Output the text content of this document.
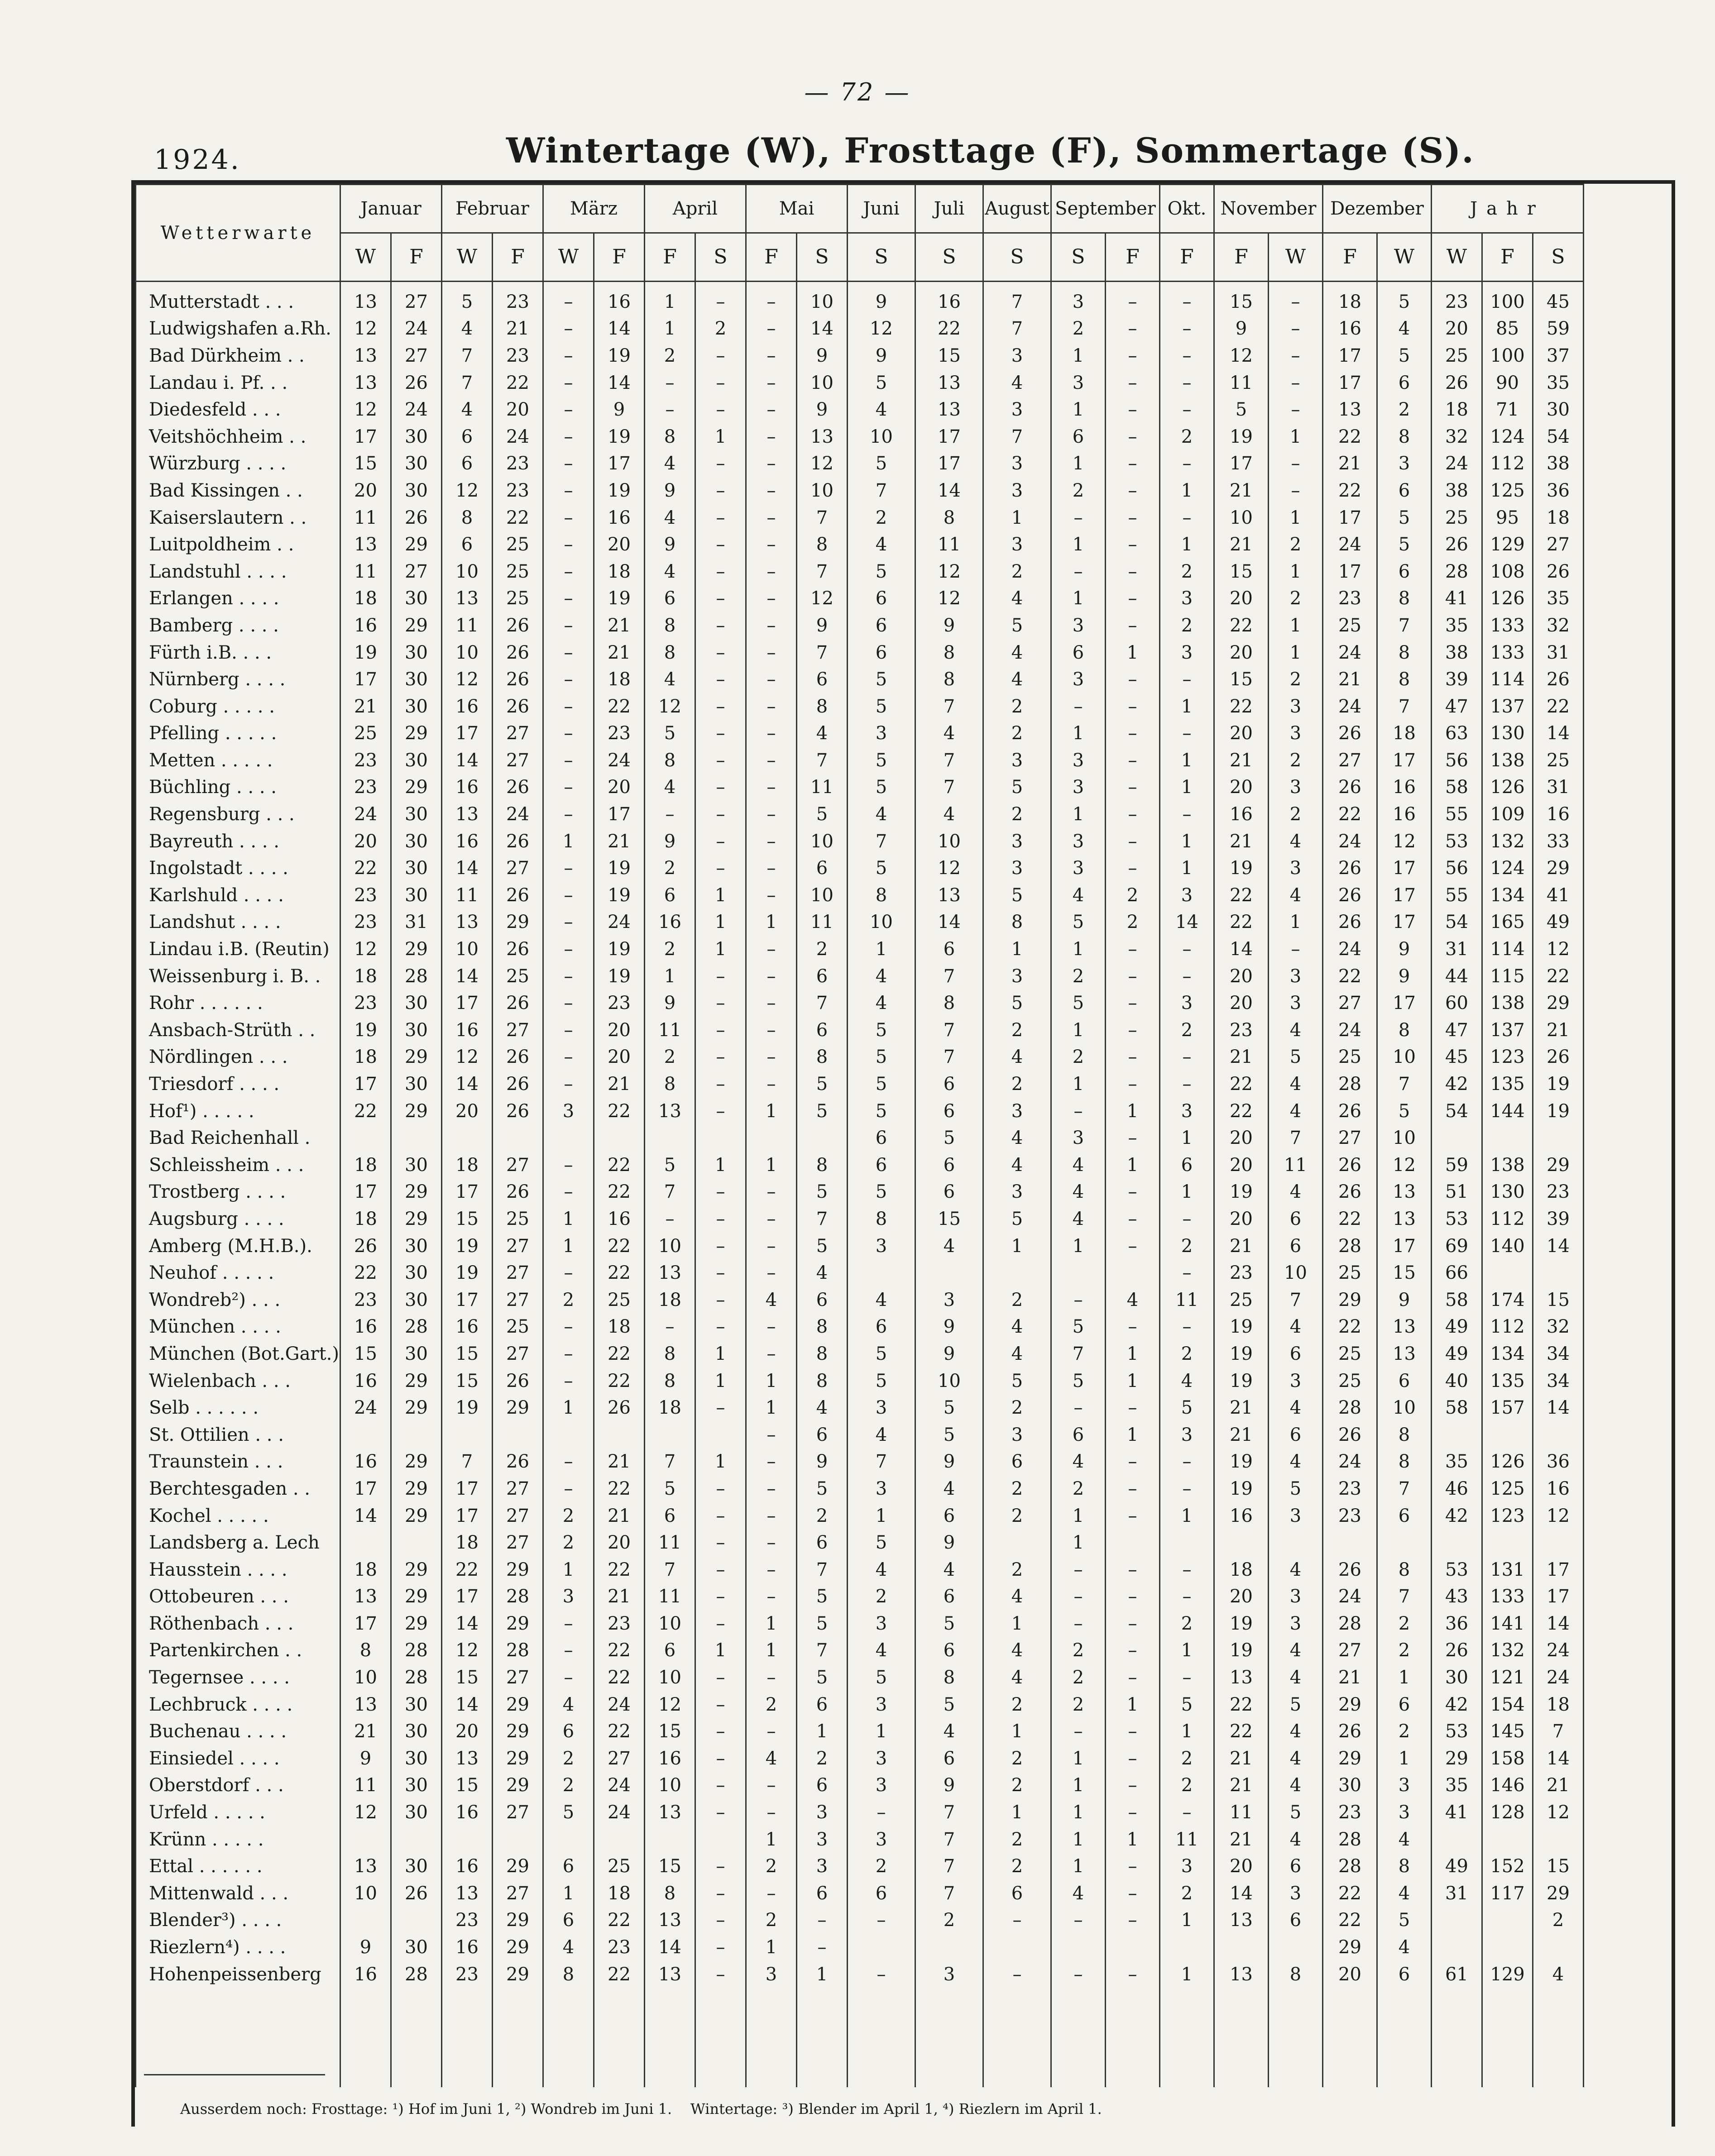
— 72 —
1924.	Wintertage (W), Frosttage (F), Sommertage (S).
Wetterwarte	Januar		Februar		März		April		Mai		Juni	Juli	August	September		Okt.	November		Dezember		Jahr		
	W	F	W	F	W	F	F	S	F	S	S	S	S	S	F	F	F	W	F	W	W	F	S
Mutterstadt . . .	13	27	5	23	–	16	1	–	–	10	9	16	7	3	–	–	15	–	18	5	23	100	45
Ludwigshafen a.Rh.	12	24	4	21	–	14	1	2	–	14	12	22	7	2	–	–	9	–	16	4	20	85	59
Bad Dürkheim . .	13	27	7	23	–	19	2	–	–	9	9	15	3	1	–	–	12	–	17	5	25	100	37
Landau i. Pf. . .	13	26	7	22	–	14	–	–	–	10	5	13	4	3	–	–	11	–	17	6	26	90	35
Diedesfeld . . .	12	24	4	20	–	9	–	–	–	9	4	13	3	1	–	–	5	–	13	2	18	71	30
Veitshöchheim . .	17	30	6	24	–	19	8	1	–	13	10	17	7	6	–	2	19	1	22	8	32	124	54
Würzburg . . . .	15	30	6	23	–	17	4	–	–	12	5	17	3	1	–	–	17	–	21	3	24	112	38
Bad Kissingen . .	20	30	12	23	–	19	9	–	–	10	7	14	3	2	–	1	21	–	22	6	38	125	36
Kaiserslautern . .	11	26	8	22	–	16	4	–	–	7	2	8	1	–	–	–	10	1	17	5	25	95	18
Luitpoldheim . .	13	29	6	25	–	20	9	–	–	8	4	11	3	1	–	1	21	2	24	5	26	129	27
Landstuhl . . . .	11	27	10	25	–	18	4	–	–	7	5	12	2	–	–	2	15	1	17	6	28	108	26
Erlangen . . . .	18	30	13	25	–	19	6	–	–	12	6	12	4	1	–	3	20	2	23	8	41	126	35
Bamberg . . . .	16	29	11	26	–	21	8	–	–	9	6	9	5	3	–	2	22	1	25	7	35	133	32
Fürth i.B. . . .	19	30	10	26	–	21	8	–	–	7	6	8	4	6	1	3	20	1	24	8	38	133	31
Nürnberg . . . .	17	30	12	26	–	18	4	–	–	6	5	8	4	3	–	–	15	2	21	8	39	114	26
Coburg . . . . .	21	30	16	26	–	22	12	–	–	8	5	7	2	–	–	1	22	3	24	7	47	137	22
Pfelling . . . . .	25	29	17	27	–	23	5	–	–	4	3	4	2	1	–	–	20	3	26	18	63	130	14
Metten . . . . .	23	30	14	27	–	24	8	–	–	7	5	7	3	3	–	1	21	2	27	17	56	138	25
Büchling . . . .	23	29	16	26	–	20	4	–	–	11	5	7	5	3	–	1	20	3	26	16	58	126	31
Regensburg . . .	24	30	13	24	–	17	–	–	–	5	4	4	2	1	–	–	16	2	22	16	55	109	16
Bayreuth . . . .	20	30	16	26	1	21	9	–	–	10	7	10	3	3	–	1	21	4	24	12	53	132	33
Ingolstadt . . . .	22	30	14	27	–	19	2	–	–	6	5	12	3	3	–	1	19	3	26	17	56	124	29
Karlshuld . . . .	23	30	11	26	–	19	6	1	–	10	8	13	5	4	2	3	22	4	26	17	55	134	41
Landshut . . . .	23	31	13	29	–	24	16	1	1	11	10	14	8	5	2	14	22	1	26	17	54	165	49
Lindau i.B. (Reutin)	12	29	10	26	–	19	2	1	–	2	1	6	1	1	–	–	14	–	24	9	31	114	12
Weissenburg i. B. .	18	28	14	25	–	19	1	–	–	6	4	7	3	2	–	–	20	3	22	9	44	115	22
Rohr . . . . . .	23	30	17	26	–	23	9	–	–	7	4	8	5	5	–	3	20	3	27	17	60	138	29
Ansbach-Strüth . .	19	30	16	27	–	20	11	–	–	6	5	7	2	1	–	2	23	4	24	8	47	137	21
Nördlingen . . .	18	29	12	26	–	20	2	–	–	8	5	7	4	2	–	–	21	5	25	10	45	123	26
Triesdorf . . . .	17	30	14	26	–	21	8	–	–	5	5	6	2	1	–	–	22	4	28	7	42	135	19
Hof¹) . . . . .	22	29	20	26	3	22	13	–	1	5	5	6	3	–	1	3	22	4	26	5	54	144	19
Bad Reichenhall .											6	5	4	3	–	1	20	7	27	10			
Schleissheim . . .	18	30	18	27	–	22	5	1	1	8	6	6	4	4	1	6	20	11	26	12	59	138	29
Trostberg . . . .	17	29	17	26	–	22	7	–	–	5	5	6	3	4	–	1	19	4	26	13	51	130	23
Augsburg . . . .	18	29	15	25	1	16	–	–	–	7	8	15	5	4	–	–	20	6	22	13	53	112	39
Amberg (M.H.B.).	26	30	19	27	1	22	10	–	–	5	3	4	1	1	–	2	21	6	28	17	69	140	14
Neuhof . . . . .	22	30	19	27	–	22	13	–	–	4						–	23	10	25	15	66		
Wondreb²) . . .	23	30	17	27	2	25	18	–	4	6	4	3	2	–	4	11	25	7	29	9	58	174	15
München . . . .	16	28	16	25	–	18	–	–	–	8	6	9	4	5	–	–	19	4	22	13	49	112	32
München (Bot.Gart.)	15	30	15	27	–	22	8	1	–	8	5	9	4	7	1	2	19	6	25	13	49	134	34
Wielenbach . . .	16	29	15	26	–	22	8	1	1	8	5	10	5	5	1	4	19	3	25	6	40	135	34
Selb . . . . . .	24	29	19	29	1	26	18	–	1	4	3	5	2	–	–	5	21	4	28	10	58	157	14
St. Ottilien . . .									–	6	4	5	3	6	1	3	21	6	26	8			
Traunstein . . .	16	29	7	26	–	21	7	1	–	9	7	9	6	4	–	–	19	4	24	8	35	126	36
Berchtesgaden . .	17	29	17	27	–	22	5	–	–	5	3	4	2	2	–	–	19	5	23	7	46	125	16
Kochel . . . . .	14	29	17	27	2	21	6	–	–	2	1	6	2	1	–	1	16	3	23	6	42	123	12
Landsberg a. Lech			18	27	2	20	11	–	–	6	5	9		1									
Hausstein . . . .	18	29	22	29	1	22	7	–	–	7	4	4	2	–	–	–	18	4	26	8	53	131	17
Ottobeuren . . .	13	29	17	28	3	21	11	–	–	5	2	6	4	–	–	–	20	3	24	7	43	133	17
Röthenbach . . .	17	29	14	29	–	23	10	–	1	5	3	5	1	–	–	2	19	3	28	2	36	141	14
Partenkirchen . .	8	28	12	28	–	22	6	1	1	7	4	6	4	2	–	1	19	4	27	2	26	132	24
Tegernsee . . . .	10	28	15	27	–	22	10	–	–	5	5	8	4	2	–	–	13	4	21	1	30	121	24
Lechbruck . . . .	13	30	14	29	4	24	12	–	2	6	3	5	2	2	1	5	22	5	29	6	42	154	18
Buchenau . . . .	21	30	20	29	6	22	15	–	–	1	1	4	1	–	–	1	22	4	26	2	53	145	7
Einsiedel . . . .	9	30	13	29	2	27	16	–	4	2	3	6	2	1	–	2	21	4	29	1	29	158	14
Oberstdorf . . .	11	30	15	29	2	24	10	–	–	6	3	9	2	1	–	2	21	4	30	3	35	146	21
Urfeld . . . . .	12	30	16	27	5	24	13	–	–	3	–	7	1	1	–	–	11	5	23	3	41	128	12
Krünn . . . . .									1	3	3	7	2	1	1	11	21	4	28	4			
Ettal . . . . . .	13	30	16	29	6	25	15	–	2	3	2	7	2	1	–	3	20	6	28	8	49	152	15
Mittenwald . . .	10	26	13	27	1	18	8	–	–	6	6	7	6	4	–	2	14	3	22	4	31	117	29
Blender³) . . . .			23	29	6	22	13	–	2	–	–	2	–	–	–	1	13	6	22	5			2
Riezlern⁴) . . . .	9	30	16	29	4	23	14	–	1	–									29	4			
Hohenpeissenberg	16	28	23	29	8	22	13	–	3	1	–	3	–	–	–	1	13	8	20	6	61	129	4

Ausserdem noch: Frosttage: ¹) Hof im Juni 1, ²) Wondreb im Juni 1.    Wintertage: ³) Blender im April 1, ⁴) Riezlern im April 1.
